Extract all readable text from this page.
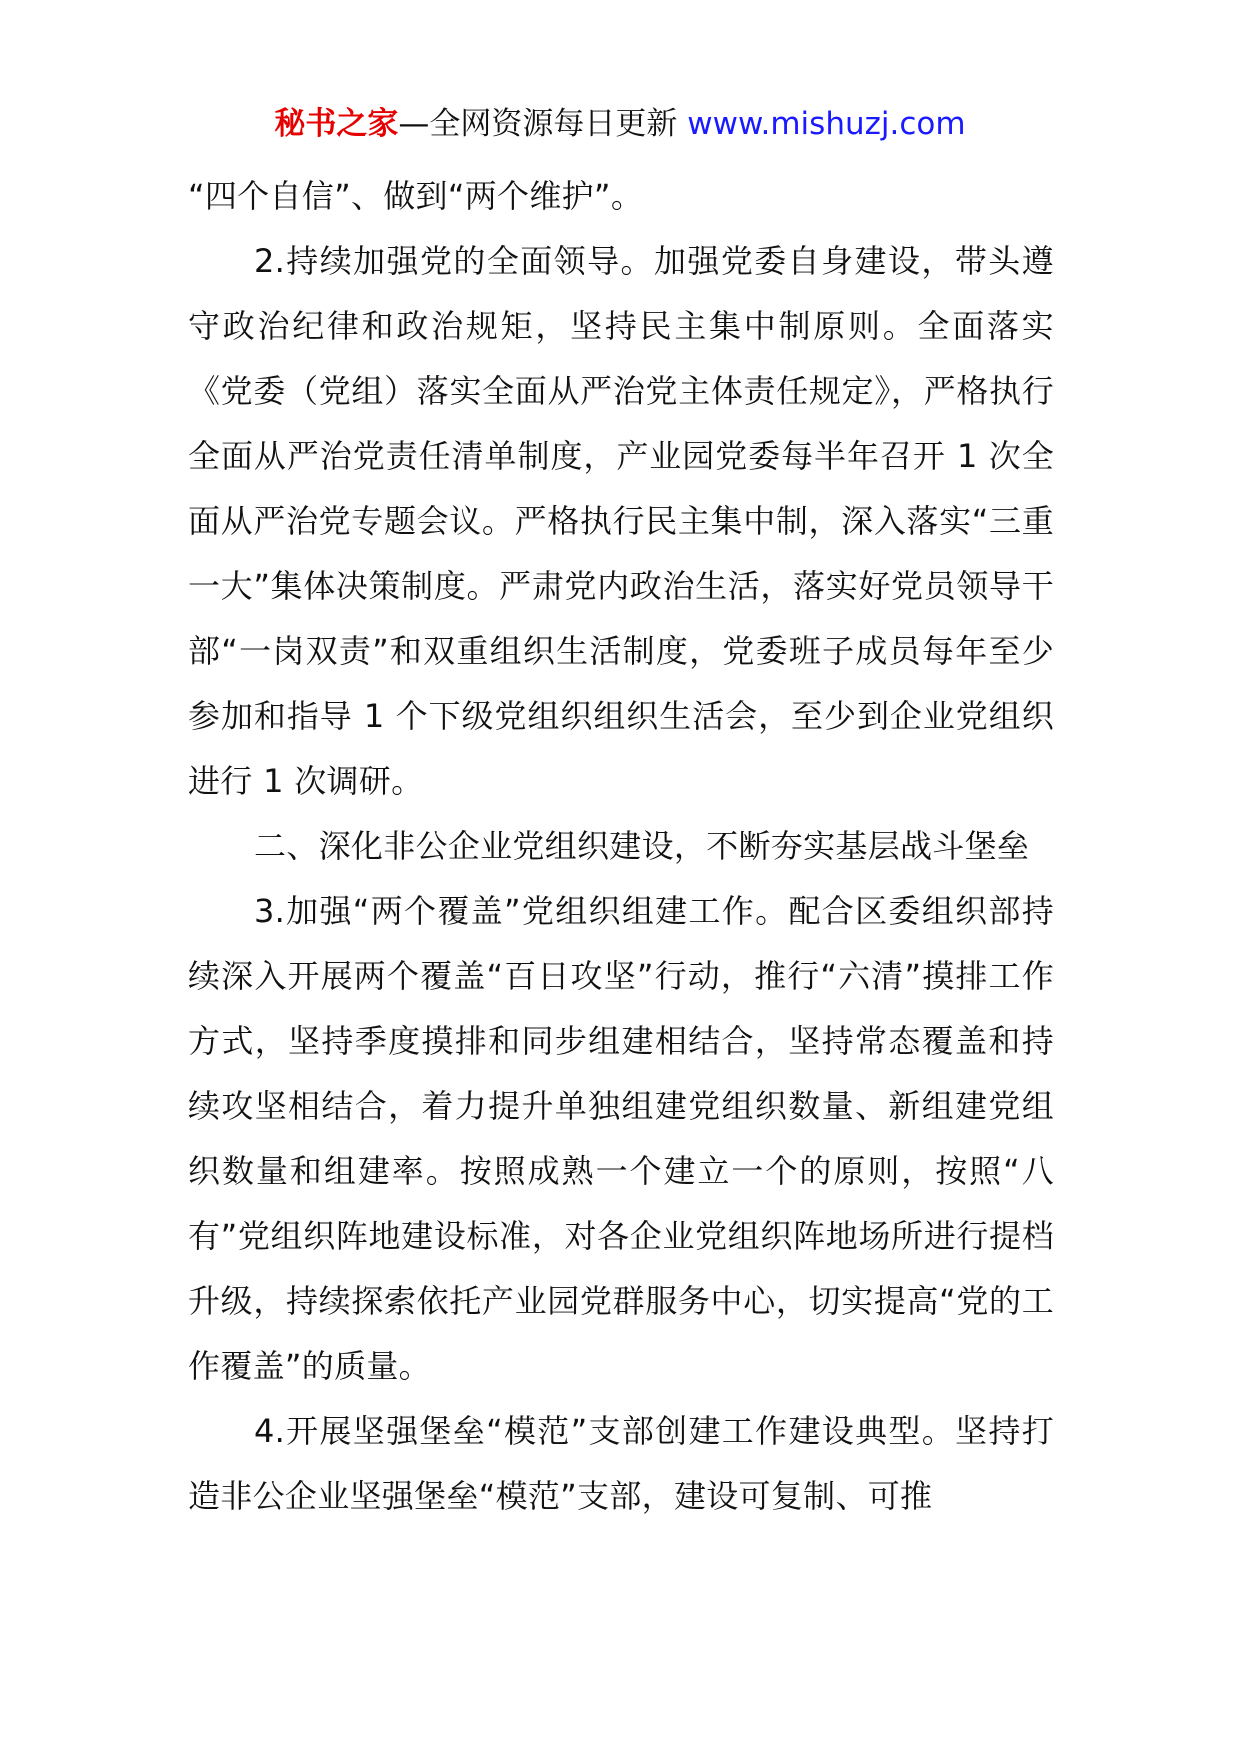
秘书之家—全网资源每日更新 www.mishuzj.com

“四个自信”、做到“两个维护”。

2.持续加强党的全面领导。加强党委自身建设，带头遵守政治纪律和政治规矩，坚持民主集中制原则。全面落实《党委（党组）落实全面从严治党主体责任规定》，严格执行全面从严治党责任清单制度，产业园党委每半年召开 1 次全面从严治党专题会议。严格执行民主集中制，深入落实“三重一大”集体决策制度。严肃党内政治生活，落实好党员领导干部“一岗双责”和双重组织生活制度，党委班子成员每年至少参加和指导 1 个下级党组织组织生活会，至少到企业党组织进行 1 次调研。

二、深化非公企业党组织建设，不断夯实基层战斗堡垒

3.加强“两个覆盖”党组织组建工作。配合区委组织部持续深入开展两个覆盖“百日攻坚”行动，推行“六清”摸排工作方式，坚持季度摸排和同步组建相结合，坚持常态覆盖和持续攻坚相结合，着力提升单独组建党组织数量、新组建党组织数量和组建率。按照成熟一个建立一个的原则，按照“八有”党组织阵地建设标准，对各企业党组织阵地场所进行提档升级，持续探索依托产业园党群服务中心，切实提高“党的工作覆盖”的质量。

4.开展坚强堡垒“模范”支部创建工作建设典型。坚持打造非公企业坚强堡垒“模范”支部，建设可复制、可推
